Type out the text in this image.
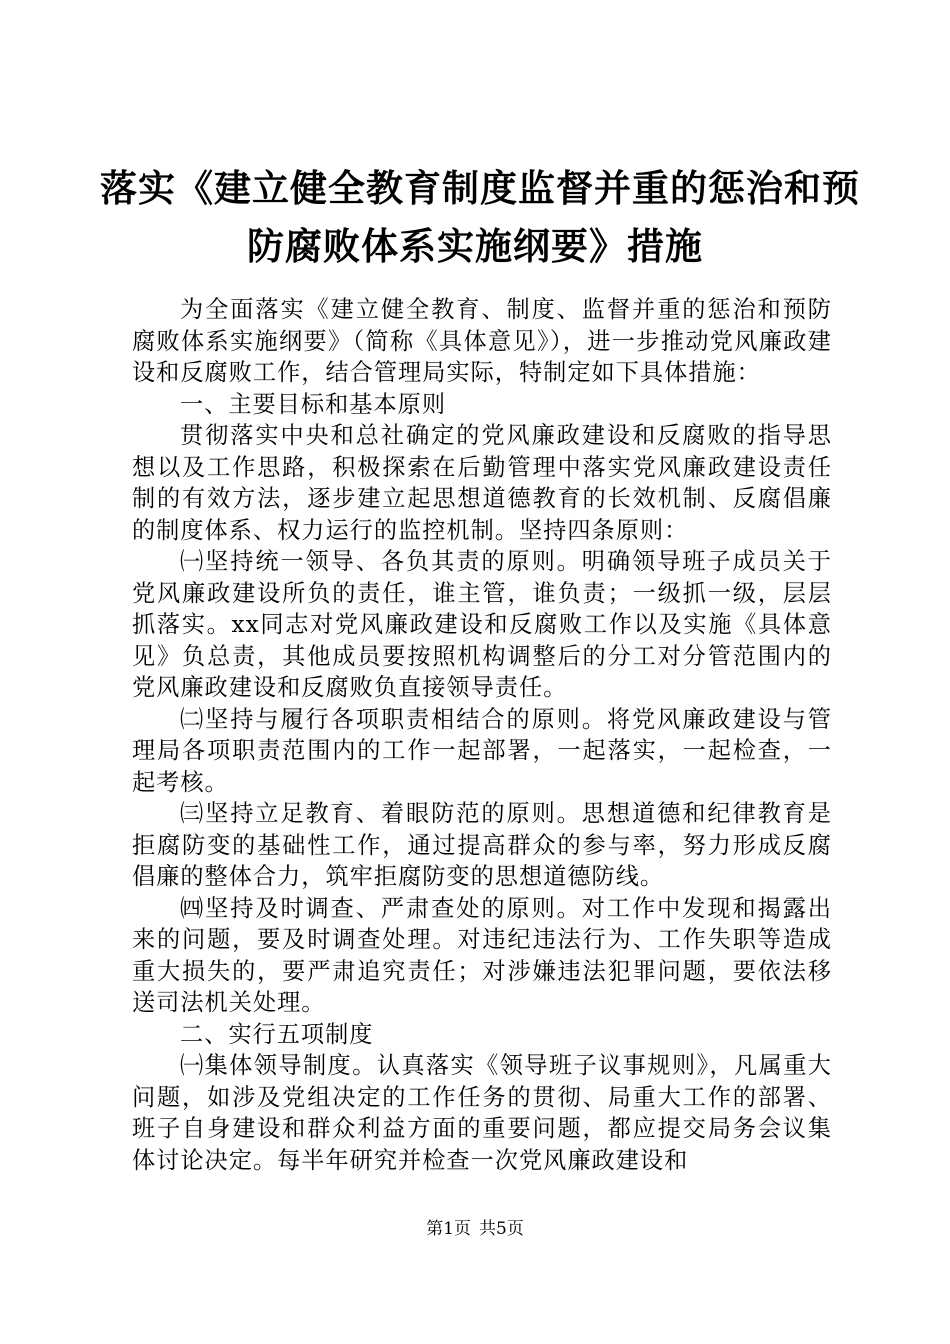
落实《建立健全教育制度监督并重的惩治和预
防腐败体系实施纲要》措施

为全面落实《建立健全教育、制度、监督并重的惩治和预防腐败体系实施纲要》（简称《具体意见》），进一步推动党风廉政建设和反腐败工作，结合管理局实际，特制定如下具体措施：

一、主要目标和基本原则

贯彻落实中央和总社确定的党风廉政建设和反腐败的指导思想以及工作思路，积极探索在后勤管理中落实党风廉政建设责任制的有效方法，逐步建立起思想道德教育的长效机制、反腐倡廉的制度体系、权力运行的监控机制。坚持四条原则：

㈠坚持统一领导、各负其责的原则。明确领导班子成员关于党风廉政建设所负的责任，谁主管，谁负责；一级抓一级，层层抓落实。xx同志对党风廉政建设和反腐败工作以及实施《具体意见》负总责，其他成员要按照机构调整后的分工对分管范围内的党风廉政建设和反腐败负直接领导责任。

㈡坚持与履行各项职责相结合的原则。将党风廉政建设与管理局各项职责范围内的工作一起部署，一起落实，一起检查，一起考核。

㈢坚持立足教育、着眼防范的原则。思想道德和纪律教育是拒腐防变的基础性工作，通过提高群众的参与率，努力形成反腐倡廉的整体合力，筑牢拒腐防变的思想道德防线。

㈣坚持及时调查、严肃查处的原则。对工作中发现和揭露出来的问题，要及时调查处理。对违纪违法行为、工作失职等造成重大损失的，要严肃追究责任；对涉嫌违法犯罪问题，要依法移送司法机关处理。

二、实行五项制度

㈠集体领导制度。认真落实《领导班子议事规则》，凡属重大问题，如涉及党组决定的工作任务的贯彻、局重大工作的部署、班子自身建设和群众利益方面的重要问题，都应提交局务会议集体讨论决定。每半年研究并检查一次党风廉政建设和

第1页 共5页
